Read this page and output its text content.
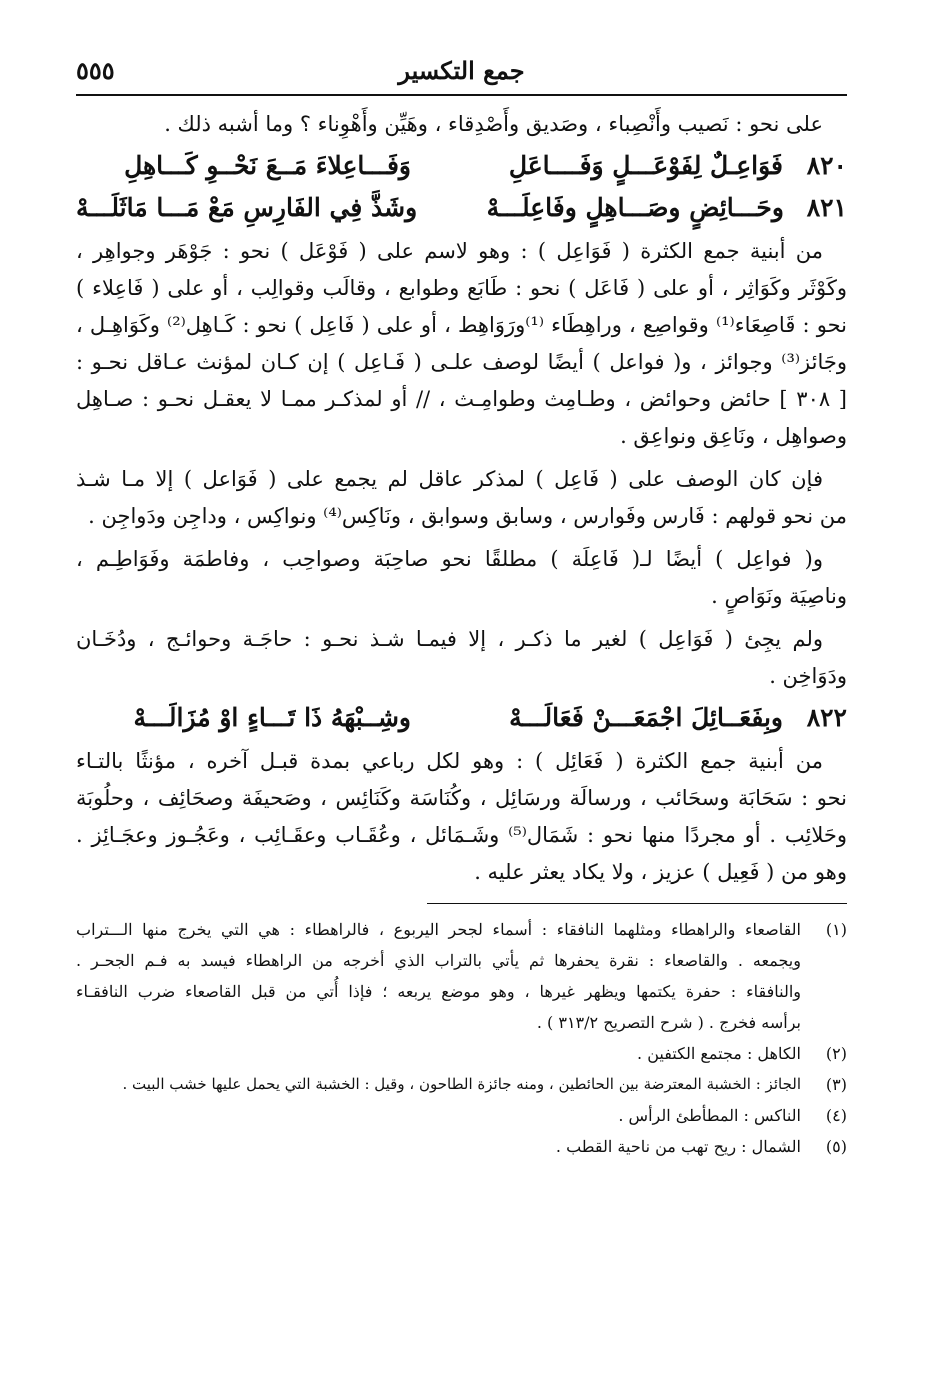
جمع التكسير
٥٥٥
على نحو : نَصيب وأَنْصِباء ، وصَديق وأَصْدِقاء ، وهَيِّن وأَهْوِناء ؟ وما أشبه ذلك .
٨٢٠
فَوَاعِـلٌ لِفَوْعَـــلٍ وَفَــــاعَلِ
وَفَـــاعِلاءَ مَــعَ نَحْــوِ كَـــاهِلِ
٨٢١
وحَـــائِضٍ وصَـــاهِلٍ وفَاعِلَـــهْ
وشَذَّ فِي الفَارِسِ مَعْ مَـــا مَاثَلَـــهْ
من أبنية جمع الكثرة ( فَوَاعِل ) : وهو لاسم على ( فَوْعَل ) نحو : جَوْهَر وجواهِر ،
وكَوْثَر وكَوَاثِر ، أو على ( فَاعَل ) نحو : طَابَع وطوابع ، وقالَب وقوالِب ، أو على ( فَاعِلاء )
نحو : قَاصِعَاء⁽¹⁾ وقواصِع ، وراهِطَاء ⁽¹⁾ورَوَاهِط ، أو على ( فَاعِل ) نحو : كَـاهِل⁽²⁾ وكَوَاهِـل ،
وجَائز⁽³⁾ وجوائز ، و( فواعل ) أيضًا لوصف علـى ( فَـاعِل ) إن كـان لمؤنث عـاقل نحـو :
[ ٣٠٨ ] حائض وحوائض ، وطـامِث وطوامِـث ، // أو لمذكـر ممـا لا يعقـل نحـو : صـاهِل
وصواهِل ، ونَاعِق ونواعِق .
فإن كان الوصف على ( فَاعِل ) لمذكر عاقل لم يجمع على ( فَوَاعل ) إلا مـا شـذ
من نحو قولهم : فَارس وفَوارس ، وسابق وسوابق ، ونَاكِس⁽⁴⁾ ونواكِس ، وداجِن ودَواجِن .
و( فواعِل ) أيضًا لـ( فَاعِلَة ) مطلقًا نحو صاحِبَة وصواحِب ، وفاطمَة وفَوَاطِـم ،
وناصِيَة ونَوَاصٍ .
ولم يجِئ ( فَوَاعِل ) لغير ما ذكـر ، إلا فيمـا شـذ نحـو : حاجَـة وحوائـج ، ودُخَـان
ودَوَاخِن .
٨٢٢
وبِفَعَــائِلَ اجْمَعَـــنْ فَعَالَـــهْ
وشِــبْهَهُ ذَا تَـــاءٍ اوْ مُزَالَـــهْ
من أبنية جمع الكثرة ( فَعَائِل ) : وهو لكل رباعي بمدة قبـل آخره ، مؤنثًا بالتـاء
نحو : سَحَابَة وسحَائب ، ورسالَة ورسَائِل ، وكُنَاسَة وكَنَائِس ، وصَحيفَة وصحَائِف ، وحلُوبَة
وحَلائِب . أو مجردًا منها نحو : شَمَال⁽⁵⁾ وشَـمَائل ، وعُقَـاب وعقَـائِب ، وعَجُـوز وعجَـائِز .
وهو من ( فَعِيل ) عزيز ، ولا يكاد يعثر عليه .
(١)
القاصعاء والراهطاء ومثلهما النافقاء : أسماء لجحر اليربوع ، فالراهطاء : هي التي يخرج منها الـــتراب
ويجمعه . والقاصعاء : نقرة يحفرها ثم يأتي بالتراب الذي أخرجه من الراهطاء فيسد به فـم الجحـر .
والنافقاء : حفرة يكتمها ويظهر غيرها ، وهو موضع يربعه ؛ فإذا أُتي من قبل القاصعاء ضرب النافقـاء
برأسه فخرج . ( شرح التصريح ٣١٣/٢ ) .
(٢)
الكاهل : مجتمع الكتفين .
(٣)
الجائز : الخشبة المعترضة بين الحائطين ، ومنه جائزة الطاحون ، وقيل : الخشبة التي يحمل عليها خشب البيت .
(٤)
الناكس : المطأطئ الرأس .
(٥)
الشمال : ريح تهب من ناحية القطب .
